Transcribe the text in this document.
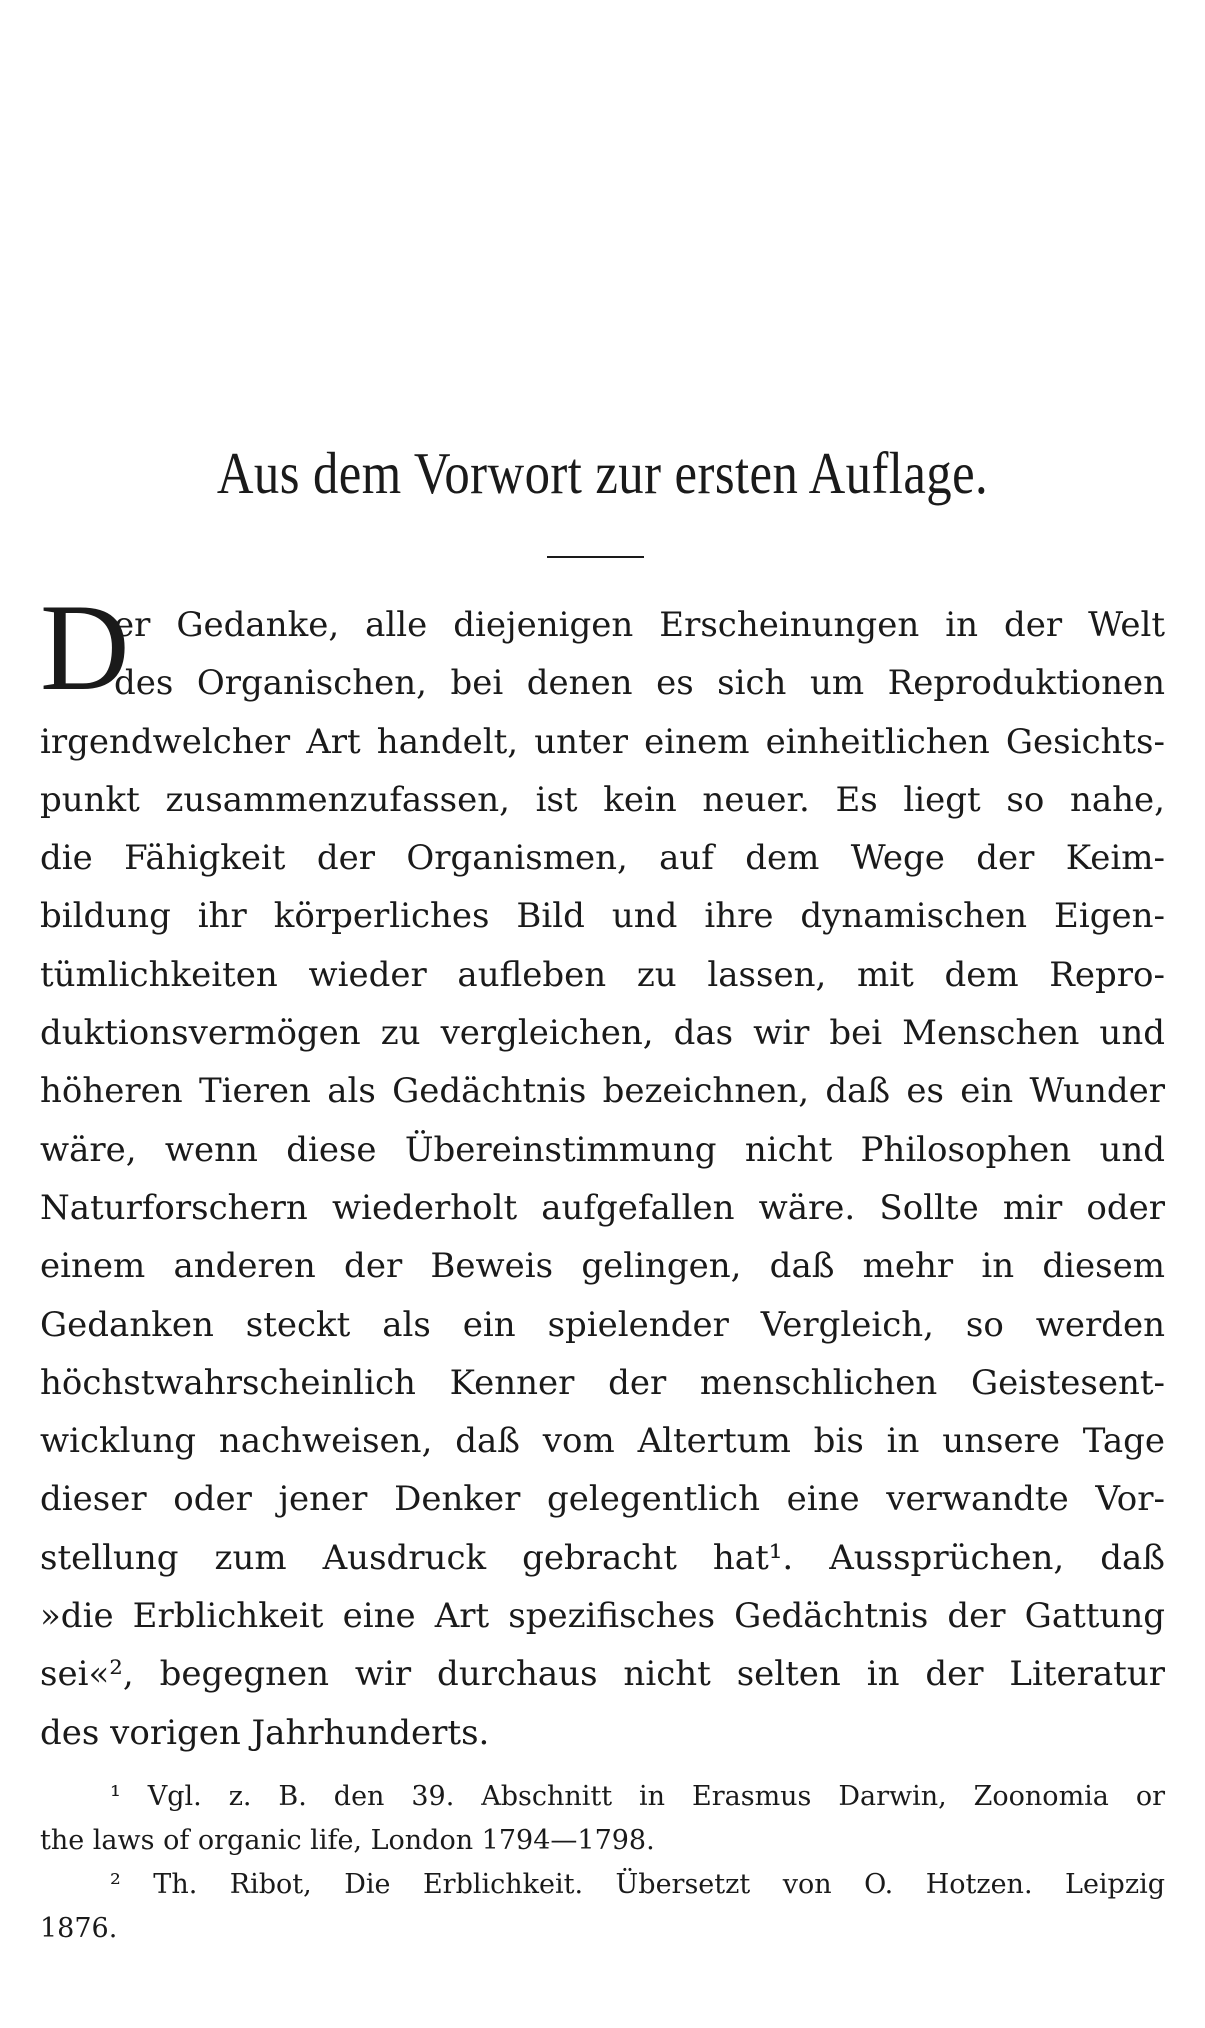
Aus dem Vorwort zur ersten Auflage.
D
er Gedanke, alle diejenigen Erscheinungen in der Welt
des Organischen, bei denen es sich um Reproduktionen
irgendwelcher Art handelt, unter einem einheitlichen Gesichts-
punkt zusammenzufassen, ist kein neuer. Es liegt so nahe,
die Fähigkeit der Organismen, auf dem Wege der Keim-
bildung ihr körperliches Bild und ihre dynamischen Eigen-
tümlichkeiten wieder aufleben zu lassen, mit dem Repro-
duktionsvermögen zu vergleichen, das wir bei Menschen und
höheren Tieren als Gedächtnis bezeichnen, daß es ein Wunder
wäre, wenn diese Übereinstimmung nicht Philosophen und
Naturforschern wiederholt aufgefallen wäre. Sollte mir oder
einem anderen der Beweis gelingen, daß mehr in diesem
Gedanken steckt als ein spielender Vergleich, so werden
höchstwahrscheinlich Kenner der menschlichen Geistesent-
wicklung nachweisen, daß vom Altertum bis in unsere Tage
dieser oder jener Denker gelegentlich eine verwandte Vor-
stellung zum Ausdruck gebracht hat¹. Aussprüchen, daß
»die Erblichkeit eine Art spezifisches Gedächtnis der Gattung
sei«², begegnen wir durchaus nicht selten in der Literatur
des vorigen Jahrhunderts.
¹ Vgl. z. B. den 39. Abschnitt in Erasmus Darwin, Zoonomia or
the laws of organic life, London 1794—1798.
² Th. Ribot, Die Erblichkeit. Übersetzt von O. Hotzen. Leipzig
1876.
